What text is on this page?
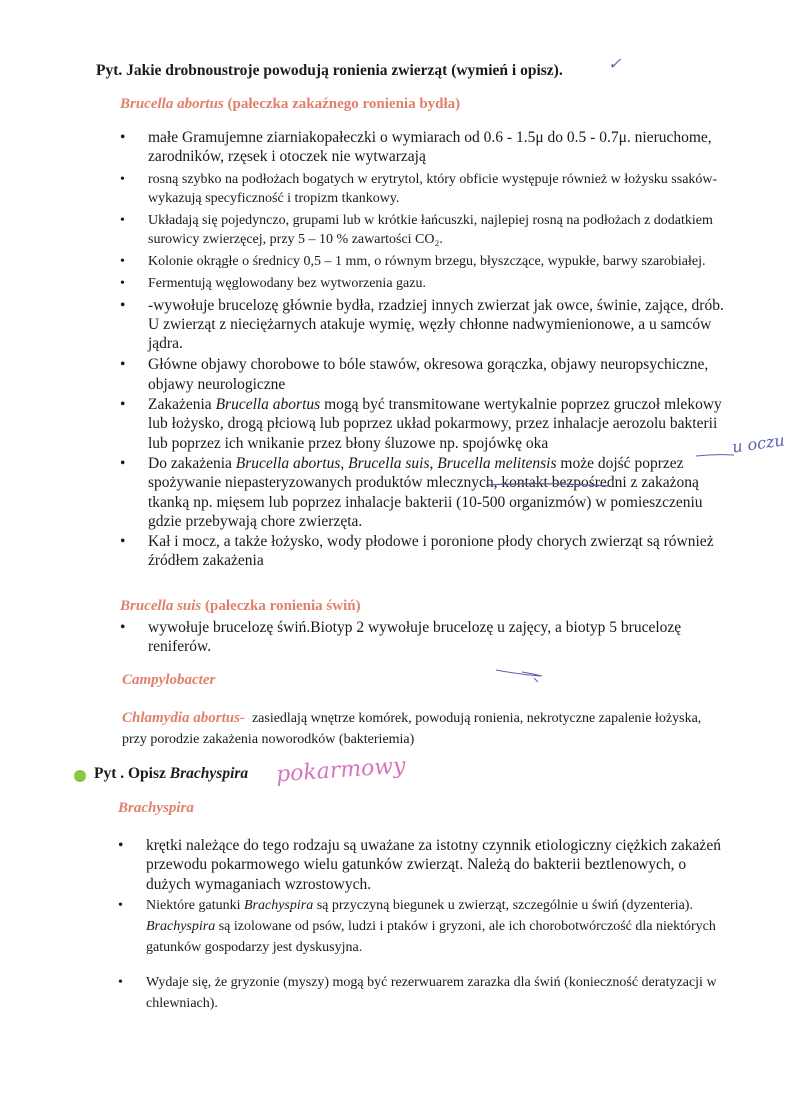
Pyt. Jakie drobnoustroje powodują ronienia zwierząt (wymień i opisz).	✓
Brucella abortus (pałeczka zakaźnego ronienia bydła)
• małe Gramujemne ziarniakopałeczki o wymiarach od 0.6 - 1.5μ do 0.5 - 0.7μ. nieruchome, zarodników, rzęsek i otoczek nie wytwarzają
• rosną szybko na podłożach bogatych w erytrytol, który obficie występuje również w łożysku ssaków- wykazują specyficzność i tropizm tkankowy.
• Układają się pojedynczo, grupami lub w krótkie łańcuszki, najlepiej rosną na podłożach z dodatkiem surowicy zwierzęcej, przy 5 – 10 % zawartości CO₂.
• Kolonie okrągłe o średnicy 0,5 – 1 mm, o równym brzegu, błyszczące, wypukłe, barwy szarobiałej.
• Fermentują węglowodany bez wytworzenia gazu.
• -wywołuje brucelozę głównie bydła, rzadziej innych zwierzat jak owce, świnie, zające, drób. U zwierząt z nieciężarnych atakuje wymię, węzły chłonne nadwymienionowe, a u samców jądra.
• Główne objawy chorobowe to bóle stawów, okresowa gorączka, objawy neuropsychiczne, objawy neurologiczne
• Zakażenia Brucella abortus mogą być transmitowane wertykalnie poprzez gruczoł mlekowy lub łożysko, drogą płciową lub poprzez układ pokarmowy, przez inhalacje aerozolu bakterii lub poprzez ich wnikanie przez błony śluzowe np. spojówkę oka
• Do zakażenia Brucella abortus, Brucella suis, Brucella melitensis może dojść poprzez spożywanie niepasteryzowanych produktów mlecznych, kontakt bezpośredni z zakażoną tkanką np. mięsem lub poprzez inhalacje bakterii (10-500 organizmów) w pomieszczeniu gdzie przebywają chore zwierzęta.
• Kał i mocz, a także łożysko, wody płodowe i poronione płody chorych zwierząt są również źródłem zakażenia
u oczu
Brucella suis (pałeczka ronienia świń)
• wywołuje brucelozę świń.Biotyp 2 wywołuje brucelozę u zajęcy, a biotyp 5 brucelozę reniferów.
Campylobacter
Chlamydia abortus- zasiedlają wnętrze komórek, powodują ronienia, nekrotyczne zapalenie łożyska, przy porodzie zakażenia noworodków (bakteriemia)
Pyt . Opisz Brachyspira pokarmowy
Brachyspira
• krętki należące do tego rodzaju są uważane za istotny czynnik etiologiczny ciężkich zakażeń przewodu pokarmowego wielu gatunków zwierząt. Należą do bakterii beztlenowych, o dużych wymaganiach wzrostowych.
• Niektóre gatunki Brachyspira są przyczyną biegunek u zwierząt, szczególnie u świń (dyzenteria). Brachyspira są izolowane od psów, ludzi i ptaków i gryzoni, ale ich chorobotwórczość dla niektórych gatunków gospodarzy jest dyskusyjna.
• Wydaje się, że gryzonie (myszy) mogą być rezerwuarem zarazka dla świń (konieczność deratyzacji w chlewniach).
